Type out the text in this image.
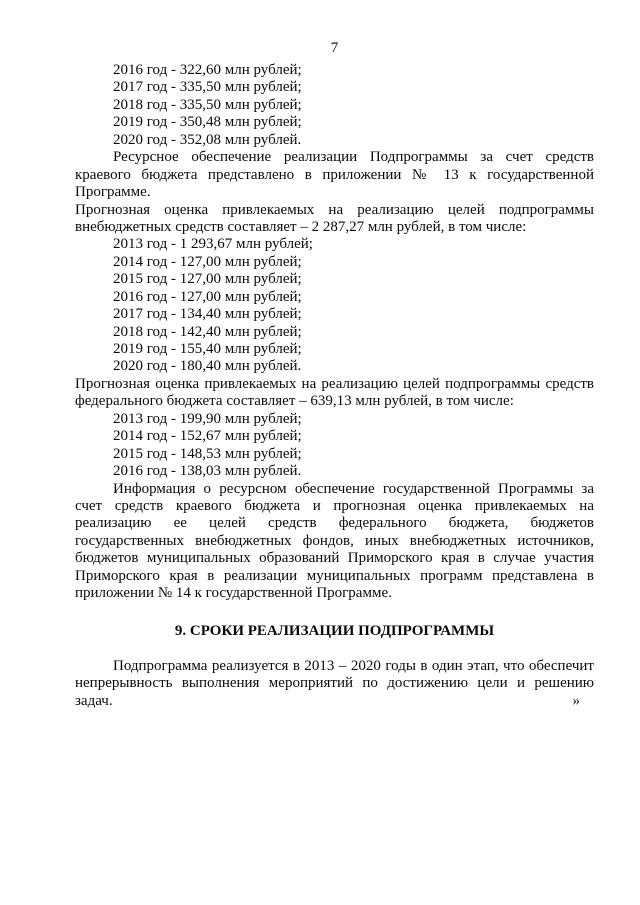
7
2016 год - 322,60 млн рублей;
2017 год - 335,50 млн рублей;
2018 год - 335,50 млн рублей;
2019 год - 350,48 млн рублей;
2020 год - 352,08 млн рублей.
Ресурсное обеспечение реализации Подпрограммы за счет средств
краевого бюджета представлено в приложении № 13 к государственной
Программе.
Прогнозная оценка привлекаемых на реализацию целей подпрограммы
внебюджетных средств составляет – 2 287,27 млн рублей, в том числе:
2013 год - 1 293,67 млн рублей;
2014 год - 127,00 млн рублей;
2015 год - 127,00 млн рублей;
2016 год - 127,00 млн рублей;
2017 год - 134,40 млн рублей;
2018 год - 142,40 млн рублей;
2019 год - 155,40 млн рублей;
2020 год - 180,40 млн рублей.
Прогнозная оценка привлекаемых на реализацию целей подпрограммы средств
федерального бюджета составляет – 639,13 млн рублей, в том числе:
2013 год - 199,90 млн рублей;
2014 год - 152,67 млн рублей;
2015 год - 148,53 млн рублей;
2016 год - 138,03 млн рублей.
Информация о ресурсном обеспечение государственной Программы за
счет средств краевого бюджета и прогнозная оценка привлекаемых на
реализацию ее целей средств федерального бюджета, бюджетов
государственных внебюджетных фондов, иных внебюджетных источников,
бюджетов муниципальных образований Приморского края в случае участия
Приморского края в реализации муниципальных программ представлена в
приложении № 14 к государственной Программе.
9. СРОКИ РЕАЛИЗАЦИИ ПОДПРОГРАММЫ
Подпрограмма реализуется в 2013 – 2020 годы в один этап, что обеспечит
непрерывность выполнения мероприятий по достижению цели и решению
задач.	»
